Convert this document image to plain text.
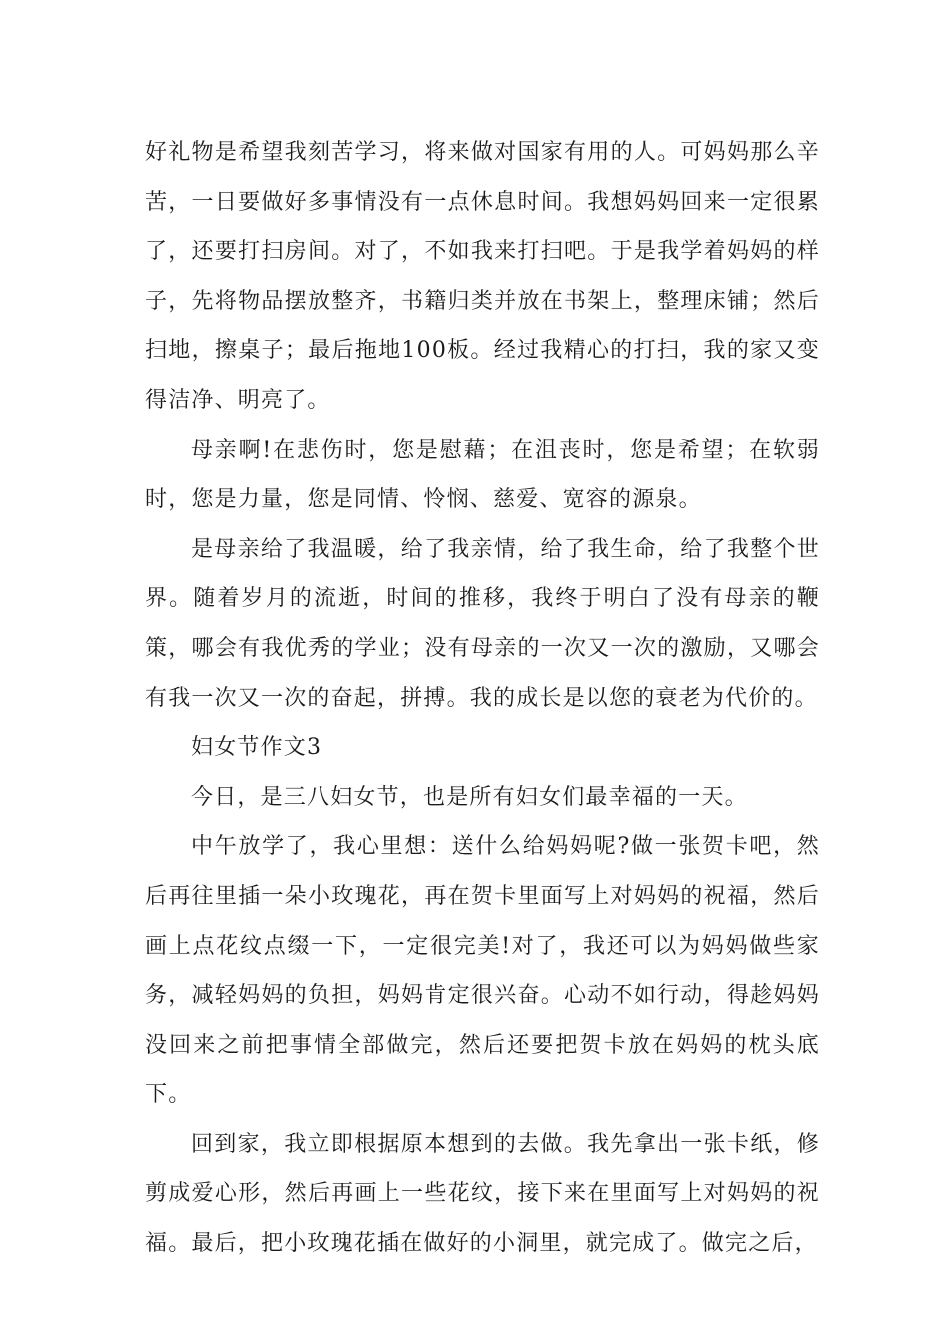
好礼物是希望我刻苦学习，将来做对国家有用的人。可妈妈那么辛苦，一日要做好多事情没有一点休息时间。我想妈妈回来一定很累了，还要打扫房间。对了，不如我来打扫吧。于是我学着妈妈的样子，先将物品摆放整齐，书籍归类并放在书架上，整理床铺；然后扫地，擦桌子；最后拖地100板。经过我精心的打扫，我的家又变得洁净、明亮了。

母亲啊!在悲伤时，您是慰藉；在沮丧时，您是希望；在软弱时，您是力量，您是同情、怜悯、慈爱、宽容的源泉。

是母亲给了我温暖，给了我亲情，给了我生命，给了我整个世界。随着岁月的流逝，时间的推移，我终于明白了没有母亲的鞭策，哪会有我优秀的学业；没有母亲的一次又一次的激励，又哪会有我一次又一次的奋起，拼搏。我的成长是以您的衰老为代价的。

妇女节作文3

今日，是三八妇女节，也是所有妇女们最幸福的一天。

中午放学了，我心里想：送什么给妈妈呢?做一张贺卡吧，然后再往里插一朵小玫瑰花，再在贺卡里面写上对妈妈的祝福，然后画上点花纹点缀一下，一定很完美!对了，我还可以为妈妈做些家务，减轻妈妈的负担，妈妈肯定很兴奋。心动不如行动，得趁妈妈没回来之前把事情全部做完，然后还要把贺卡放在妈妈的枕头底下。

回到家，我立即根据原本想到的去做。我先拿出一张卡纸，修剪成爱心形，然后再画上一些花纹，接下来在里面写上对妈妈的祝福。最后，把小玫瑰花插在做好的小洞里，就完成了。做完之后，
